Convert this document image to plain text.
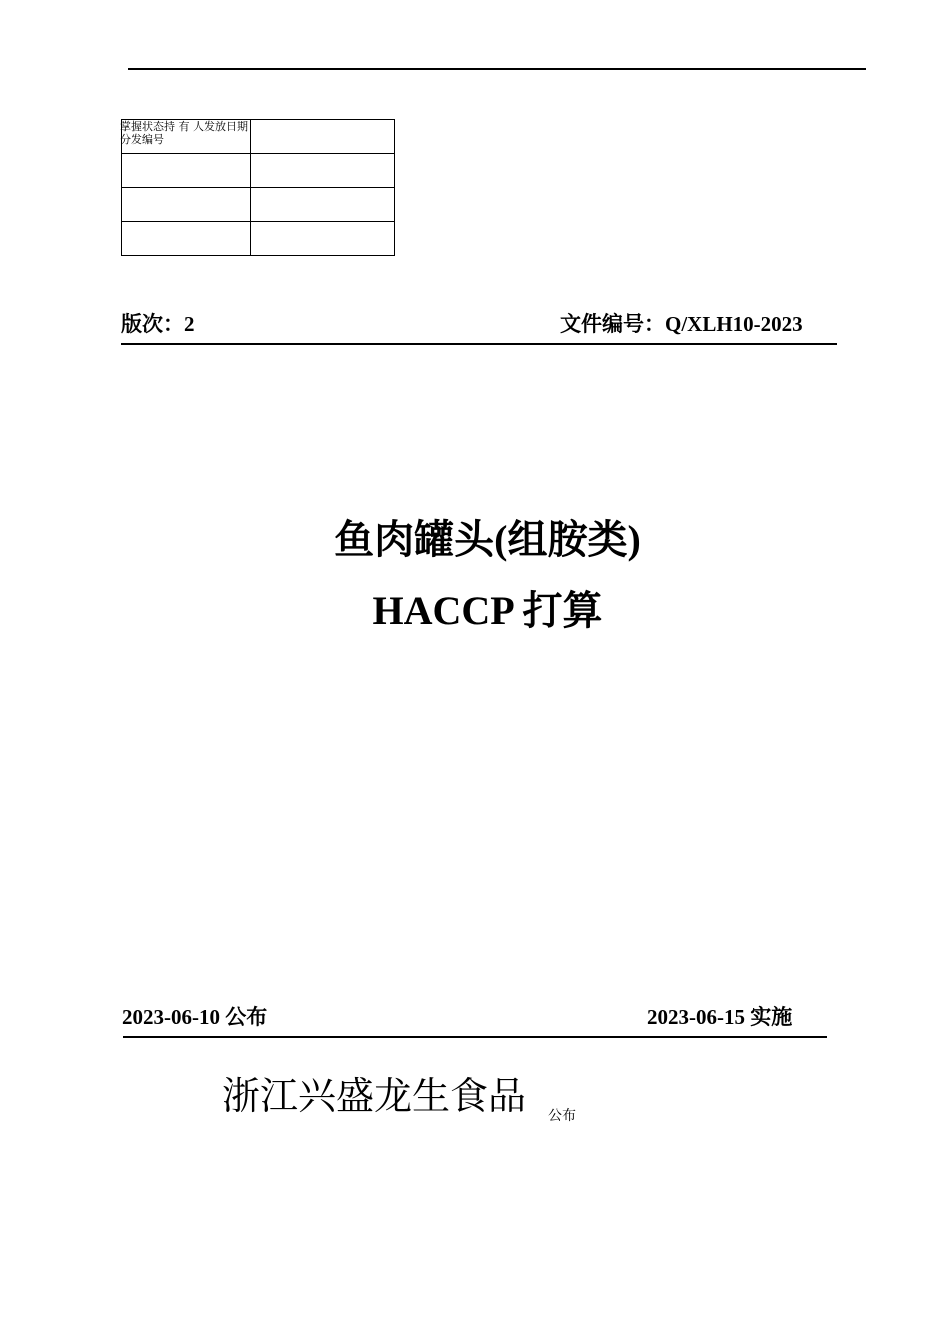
掌握状态持 有 人发放日期
分发编号	

版次：2	文件编号：Q/XLH10-2023
鱼肉罐头(组胺类)
HACCP 打算
2023-06-10 公布	2023-06-15 实施
浙江兴盛龙生食品 公布
